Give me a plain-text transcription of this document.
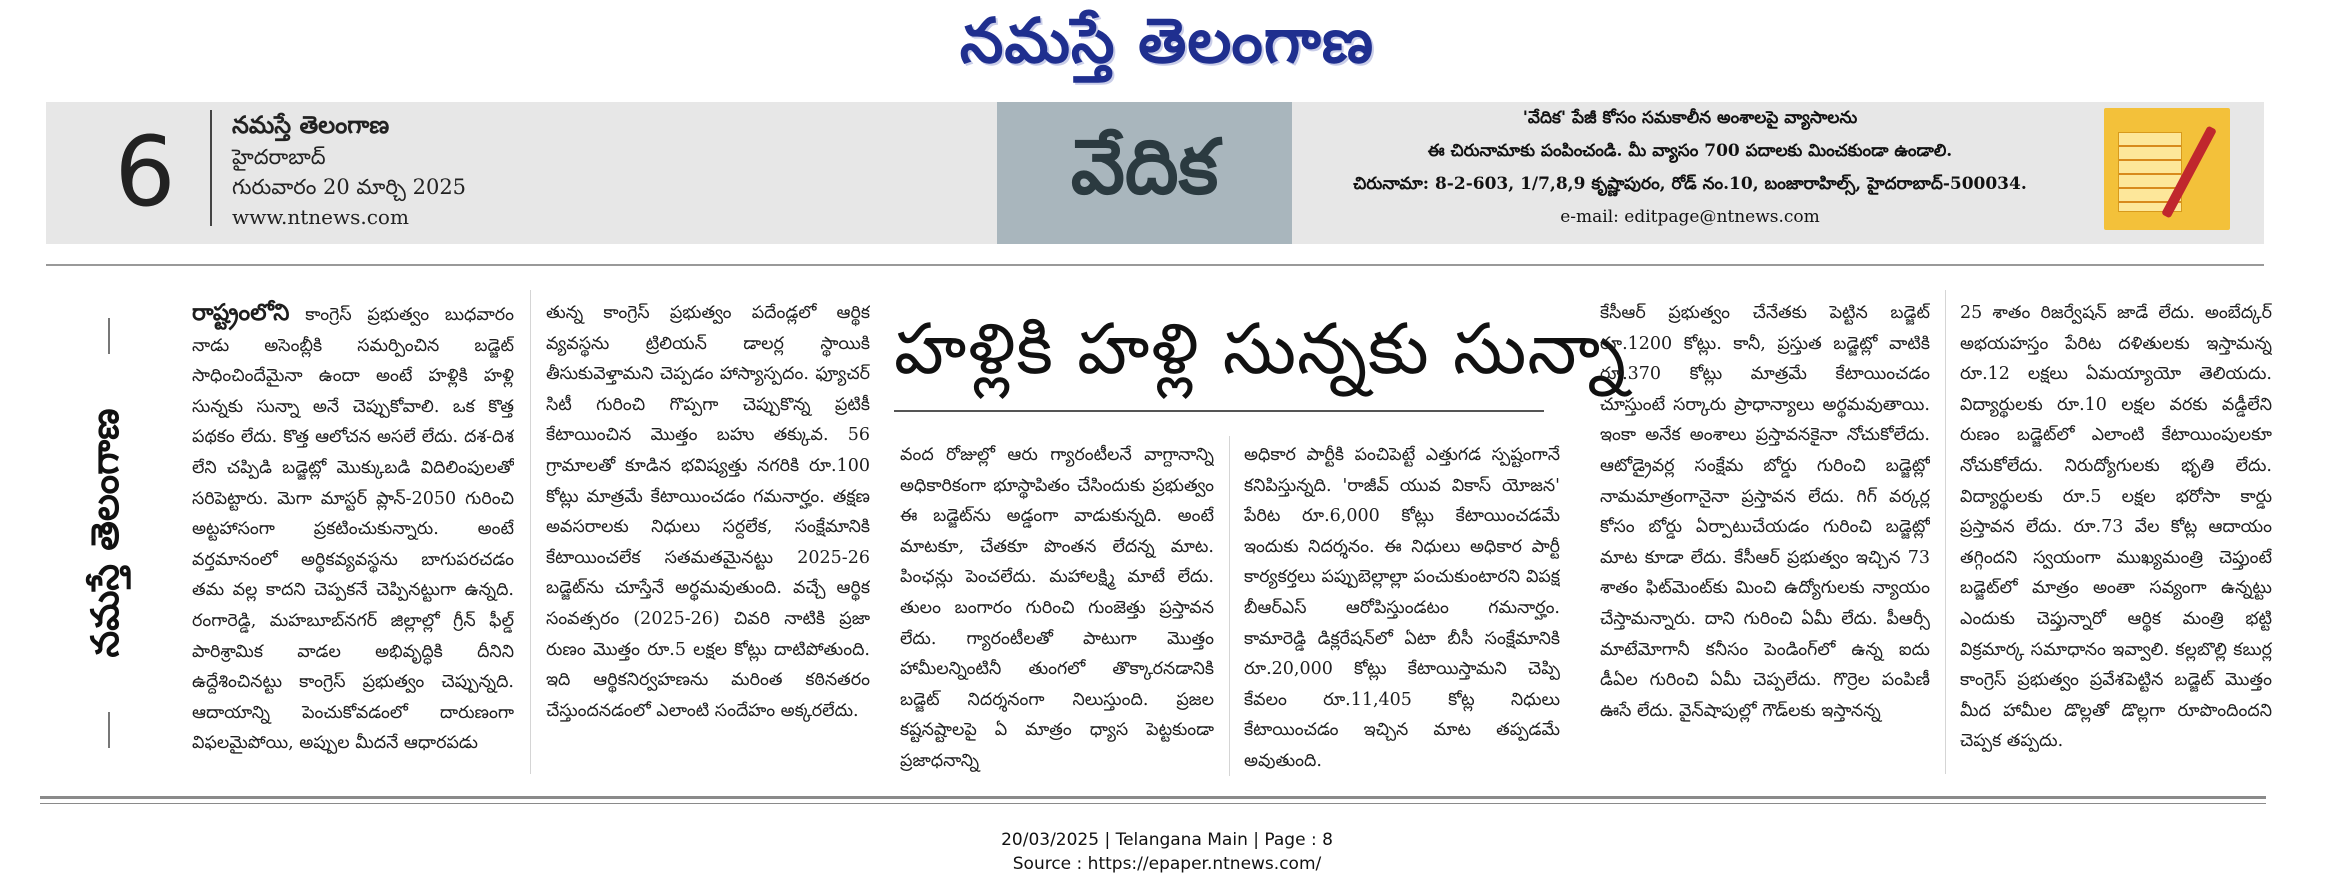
నమస్తే తెలంగాణ
6	నమస్తే తెలంగాణ
హైదరాబాద్
గురువారం 20 మార్చి 2025
www.ntnews.com
వేదిక
'వేదిక' పేజీ కోసం సమకాలీన అంశాలపై వ్యాసాలను
ఈ చిరునామాకు పంపించండి. మీ వ్యాసం 700 పదాలకు మించకుండా ఉండాలి.
చిరునామా: 8-2-603, 1/7,8,9 కృష్ణాపురం, రోడ్ నం.10, బంజారాహిల్స్, హైదరాబాద్-500034.
e-mail: editpage@ntnews.com
నమస్తే తెలంగాణ

రాష్ట్రంలోని కాంగ్రెస్ ప్రభుత్వం బుధవారం నాడు అసెంబ్లీకి సమర్పించిన బడ్జెట్ సాధించిందేమైనా ఉందా అంటే హళ్లికి హళ్లి సున్నకు సున్నా అనే చెప్పుకోవాలి. ఒక కొత్త పథకం లేదు. కొత్త ఆలోచన అసలే లేదు. దశ-దిశ లేని చప్పిడి బడ్జెట్లో మొక్కుబడి విదిలింపులతో సరిపెట్టారు. మెగా మాస్టర్ ప్లాన్-2050 గురించి అట్టహాసంగా ప్రకటించుకున్నారు. అంటే వర్తమానంలో అర్థికవ్యవస్థను బాగుపరచడం తమ వల్ల కాదని చెప్పకనే చెప్పినట్టుగా ఉన్నది. రంగారెడ్డి, మహబూబ్‌నగర్ జిల్లాల్లో గ్రీన్ ఫీల్డ్ పారిశ్రామిక వాడల అభివృద్ధికి దీనిని ఉద్దేశించినట్టు కాంగ్రెస్ ప్రభుత్వం చెప్పున్నది. ఆదాయాన్ని పెంచుకోవడంలో దారుణంగా విఫలమైపోయి, అప్పుల మీదనే ఆధారపడు

తున్న కాంగ్రెస్ ప్రభుత్వం పదేండ్లలో ఆర్థిక వ్యవస్థను ట్రిలియన్ డాలర్ల స్థాయికి తీసుకువెళ్తామని చెప్పడం హాస్యాస్పదం. ఫ్యూచర్ సిటీ గురించి గొప్పగా చెప్పుకొన్న ప్రటికీ కేటాయించిన మొత్తం బహు తక్కువ. 56 గ్రామాలతో కూడిన భవిష్యత్తు నగరికి రూ.100 కోట్లు మాత్రమే కేటాయించడం గమనార్హం. తక్షణ అవసరాలకు నిధులు సర్దలేక, సంక్షేమానికి కేటాయించలేక సతమతమైనట్టు 2025-26 బడ్జెట్‌ను చూస్తేనే అర్థమవుతుంది. వచ్చే ఆర్థిక సంవత్సరం (2025-26) చివరి నాటికి ప్రజా రుణం మొత్తం రూ.5 లక్షల కోట్లు దాటిపోతుంది. ఇది ఆర్థికనిర్వహణను మరింత కఠినతరం చేస్తుందనడంలో ఎలాంటి సందేహం అక్కరలేదు.

హళ్లికి హళ్లి సున్నకు సున్నా

వంద రోజుల్లో ఆరు గ్యారంటీలనే వాగ్దానాన్ని అధికారికంగా భూస్థాపితం చేసిందుకు ప్రభుత్వం ఈ బడ్జెట్‌ను అడ్డంగా వాడుకున్నది. అంటే మాటకూ, చేతకూ పొంతన లేదన్న మాట. పింఛన్లు పెంచలేదు. మహాలక్ష్మి మాటే లేదు. తులం బంగారం గురించి గుంజెత్తు ప్రస్తావన లేదు. గ్యారంటీలతో పాటుగా మొత్తం హామీలన్నింటినీ తుంగలో తొక్కారనడానికి బడ్జెట్ నిదర్శనంగా నిలుస్తుంది. ప్రజల కష్టనష్టాలపై ఏ మాత్రం ధ్యాస పెట్టకుండా ప్రజాధనాన్ని

అధికార పార్టీకి పంచిపెట్టే ఎత్తుగడ స్పష్టంగానే కనిపిస్తున్నది. 'రాజీవ్ యువ వికాస్ యోజన' పేరిట రూ.6,000 కోట్లు కేటాయించడమే ఇందుకు నిదర్శనం. ఈ నిధులు అధికార పార్టీ కార్యకర్తలు పప్పుబెల్లాల్లా పంచుకుంటారని విపక్ష బీఆర్‌ఎస్ ఆరోపిస్తుండటం గమనార్హం. కామారెడ్డి డిక్లరేషన్‌లో ఏటా బీసీ సంక్షేమానికి రూ.20,000 కోట్లు కేటాయిస్తామని చెప్పి కేవలం రూ.11,405 కోట్ల నిధులు కేటాయించడం ఇచ్చిన మాట తప్పడమే అవుతుంది.

కేసీఆర్ ప్రభుత్వం చేనేతకు పెట్టిన బడ్జెట్ రూ.1200 కోట్లు. కానీ, ప్రస్తుత బడ్జెట్లో వాటికి రూ.370 కోట్లు మాత్రమే కేటాయించడం చూస్తుంటే సర్కారు ప్రాధాన్యాలు అర్థమవుతాయి. ఇంకా అనేక అంశాలు ప్రస్తావనకైనా నోచుకోలేదు. ఆటోడ్రైవర్ల సంక్షేమ బోర్డు గురించి బడ్జెట్లో నామమాత్రంగానైనా ప్రస్తావన లేదు. గిగ్ వర్కర్ల కోసం బోర్డు ఏర్పాటుచేయడం గురించి బడ్జెట్లో మాట కూడా లేదు. కేసీఆర్ ప్రభుత్వం ఇచ్చిన 73 శాతం ఫిట్‌మెంట్‌కు మించి ఉద్యోగులకు న్యాయం చేస్తామన్నారు. దాని గురించి ఏమీ లేదు. పీఆర్సీ మాటేమోగానీ కనీసం పెండింగ్‌లో ఉన్న ఐదు డీఏల గురించి ఏమీ చెప్పలేదు. గొర్రెల పంపిణీ ఊసే లేదు. వైన్‌షాపుల్లో గౌడ్‌లకు ఇస్తానన్న

25 శాతం రిజర్వేషన్ జాడే లేదు. అంబేద్కర్ అభయహస్తం పేరిట దళితులకు ఇస్తామన్న రూ.12 లక్షలు ఏమయ్యాయో తెలియదు. విద్యార్థులకు రూ.10 లక్షల వరకు వడ్డీలేని రుణం బడ్జెట్‌లో ఎలాంటి కేటాయింపులకూ నోచుకోలేదు. నిరుద్యోగులకు భృతి లేదు. విద్యార్థులకు రూ.5 లక్షల భరోసా కార్డు ప్రస్తావన లేదు. రూ.73 వేల కోట్ల ఆదాయం తగ్గిందని స్వయంగా ముఖ్యమంత్రి చెప్తుంటే బడ్జెట్‌లో మాత్రం అంతా సవ్యంగా ఉన్నట్టు ఎందుకు చెప్తున్నారో ఆర్థిక మంత్రి భట్టి విక్రమార్క సమాధానం ఇవ్వాలి. కల్లబొల్లి కబుర్ల కాంగ్రెస్ ప్రభుత్వం ప్రవేశపెట్టిన బడ్జెట్ మొత్తం మీద హామీల డొల్లతో డొల్లగా రూపొందిందని చెప్పక తప్పదు.

20/03/2025 | Telangana Main | Page : 8
Source : https://epaper.ntnews.com/
